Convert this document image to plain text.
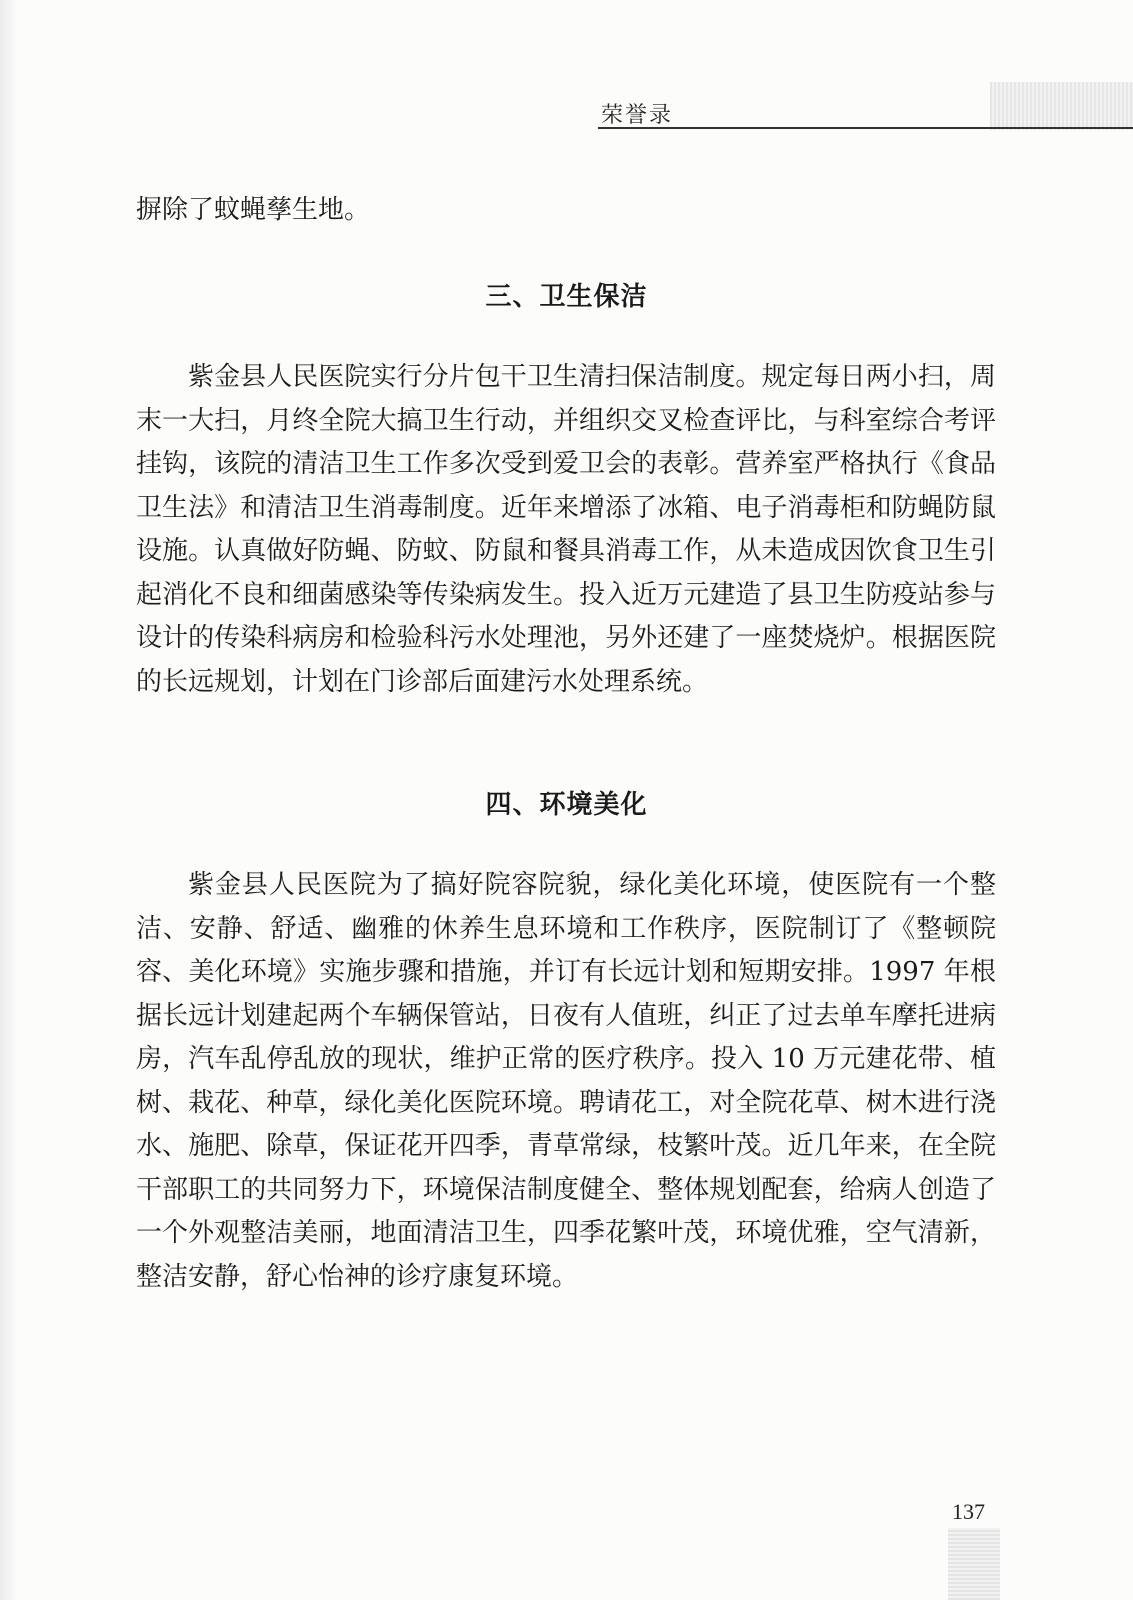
荣誉录

摒除了蚊蝇孳生地。

三、卫生保洁

紫金县人民医院实行分片包干卫生清扫保洁制度。规定每日两小扫，周末一大扫，月终全院大搞卫生行动，并组织交叉检查评比，与科室综合考评挂钩，该院的清洁卫生工作多次受到爱卫会的表彰。营养室严格执行《食品卫生法》和清洁卫生消毒制度。近年来增添了冰箱、电子消毒柜和防蝇防鼠设施。认真做好防蝇、防蚊、防鼠和餐具消毒工作，从未造成因饮食卫生引起消化不良和细菌感染等传染病发生。投入近万元建造了县卫生防疫站参与设计的传染科病房和检验科污水处理池，另外还建了一座焚烧炉。根据医院的长远规划，计划在门诊部后面建污水处理系统。

四、环境美化

紫金县人民医院为了搞好院容院貌，绿化美化环境，使医院有一个整洁、安静、舒适、幽雅的休养生息环境和工作秩序，医院制订了《整顿院容、美化环境》实施步骤和措施，并订有长远计划和短期安排。1997 年根据长远计划建起两个车辆保管站，日夜有人值班，纠正了过去单车摩托进病房，汽车乱停乱放的现状，维护正常的医疗秩序。投入 10 万元建花带、植树、栽花、种草，绿化美化医院环境。聘请花工，对全院花草、树木进行浇水、施肥、除草，保证花开四季，青草常绿，枝繁叶茂。近几年来，在全院干部职工的共同努力下，环境保洁制度健全、整体规划配套，给病人创造了一个外观整洁美丽，地面清洁卫生，四季花繁叶茂，环境优雅，空气清新，整洁安静，舒心怡神的诊疗康复环境。

137
